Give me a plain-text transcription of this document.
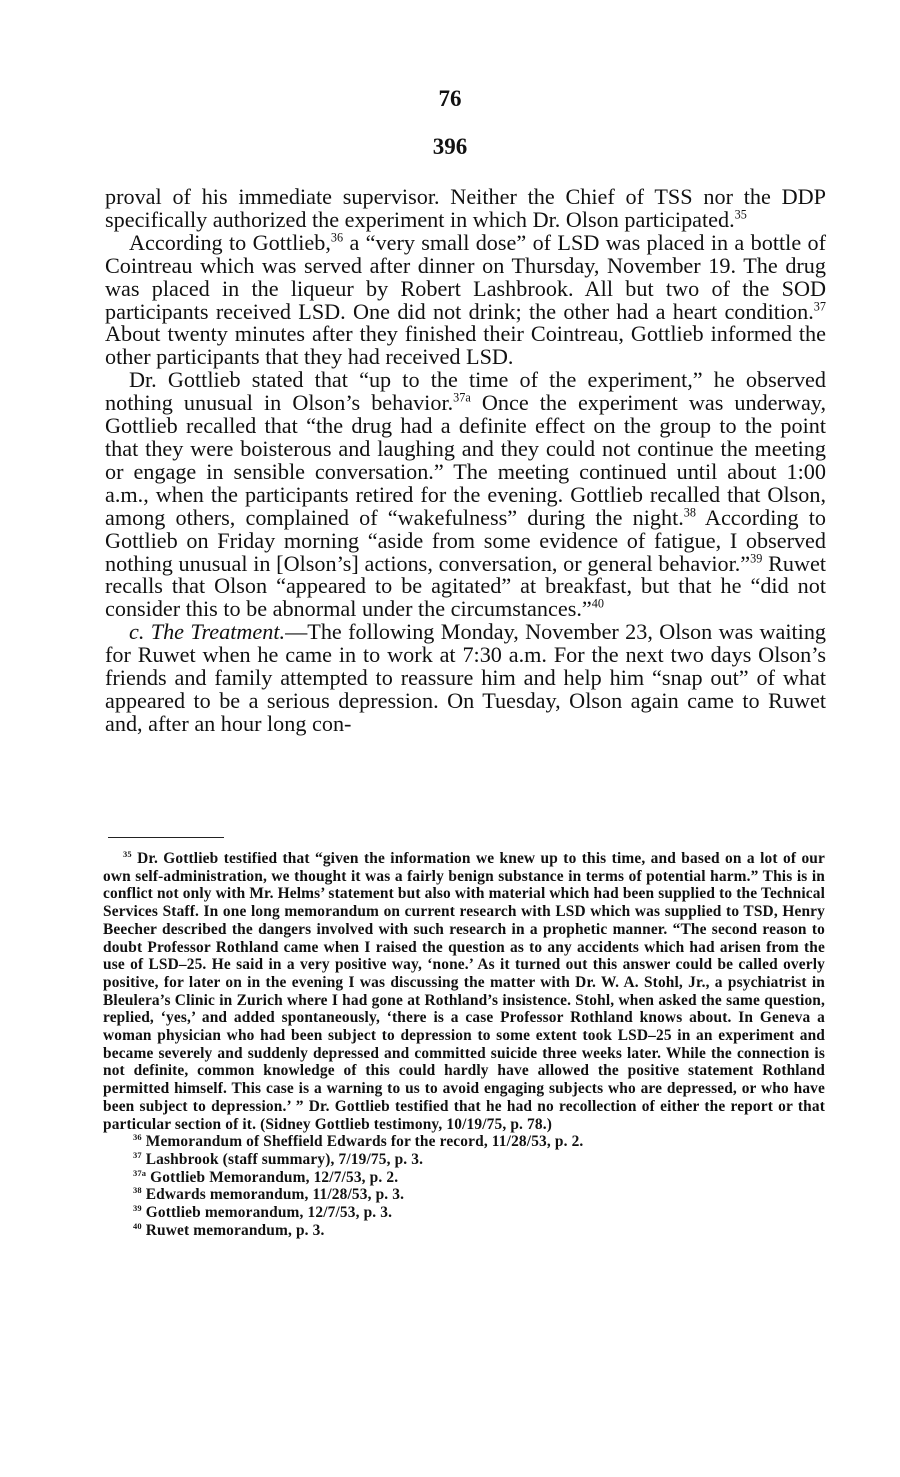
76
396

proval of his immediate supervisor. Neither the Chief of TSS nor the DDP specifically authorized the experiment in which Dr. Olson participated.$^{35}$

According to Gottlieb,$^{36}$ a “very small dose” of LSD was placed in a bottle of Cointreau which was served after dinner on Thursday, November 19. The drug was placed in the liqueur by Robert Lashbrook. All but two of the SOD participants received LSD. One did not drink; the other had a heart condition.$^{37}$ About twenty minutes after they finished their Cointreau, Gottlieb informed the other participants that they had received LSD.

Dr. Gottlieb stated that “up to the time of the experiment,” he observed nothing unusual in Olson’s behavior.$^{37a}$ Once the experiment was underway, Gottlieb recalled that “the drug had a definite effect on the group to the point that they were boisterous and laughing and they could not continue the meeting or engage in sensible conversation.” The meeting continued until about 1:00 a.m., when the participants retired for the evening. Gottlieb recalled that Olson, among others, complained of “wakefulness” during the night.$^{38}$ According to Gottlieb on Friday morning “aside from some evidence of fatigue, I observed nothing unusual in [Olson’s] actions, conversation, or general behavior.”$^{39}$ Ruwet recalls that Olson “appeared to be agitated” at breakfast, but that he “did not consider this to be abnormal under the circumstances.”$^{40}$

c. The Treatment.—The following Monday, November 23, Olson was waiting for Ruwet when he came in to work at 7:30 a.m. For the next two days Olson’s friends and family attempted to reassure him and help him “snap out” of what appeared to be a serious depression. On Tuesday, Olson again came to Ruwet and, after an hour long con-

$^{35}$ Dr. Gottlieb testified that “given the information we knew up to this time, and based on a lot of our own self-administration, we thought it was a fairly benign substance in terms of potential harm.” This is in conflict not only with Mr. Helms’ statement but also with material which had been supplied to the Technical Services Staff. In one long memorandum on current research with LSD which was supplied to TSD, Henry Beecher described the dangers involved with such research in a prophetic manner. “The second reason to doubt Professor Rothland came when I raised the question as to any accidents which had arisen from the use of LSD–25. He said in a very positive way, ‘none.’ As it turned out this answer could be called overly positive, for later on in the evening I was discussing the matter with Dr. W. A. Stohl, Jr., a psychiatrist in Bleulera’s Clinic in Zurich where I had gone at Rothland’s insistence. Stohl, when asked the same question, replied, ‘yes,’ and added spontaneously, ‘there is a case Professor Rothland knows about. In Geneva a woman physician who had been subject to depression to some extent took LSD–25 in an experiment and became severely and suddenly depressed and committed suicide three weeks later. While the connection is not definite, common knowledge of this could hardly have allowed the positive statement Rothland permitted himself. This case is a warning to us to avoid engaging subjects who are depressed, or who have been subject to depression.’ ” Dr. Gottlieb testified that he had no recollection of either the report or that particular section of it. (Sidney Gottlieb testimony, 10/19/75, p. 78.)

$^{36}$ Memorandum of Sheffield Edwards for the record, 11/28/53, p. 2.

$^{37}$ Lashbrook (staff summary), 7/19/75, p. 3.

$^{37a}$ Gottlieb Memorandum, 12/7/53, p. 2.

$^{38}$ Edwards memorandum, 11/28/53, p. 3.

$^{39}$ Gottlieb memorandum, 12/7/53, p. 3.

$^{40}$ Ruwet memorandum, p. 3.
